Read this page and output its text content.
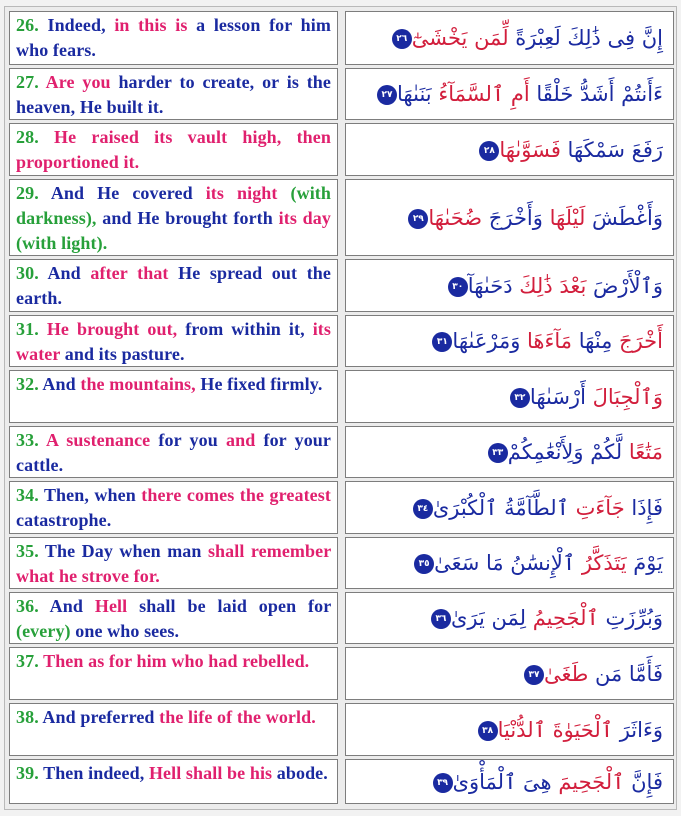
26. Indeed, in this is a lesson for him who fears.	إِنَّ فِى ذَٰلِكَ لَعِبْرَةً لِّمَن يَخْشَىٰٓ٢٦

27. Are you harder to create, or is the heaven, He built it.

ءَأَنتُمْ أَشَدُّ خَلْقًا أَمِ ٱلسَّمَآءُ بَنَىٰهَا٢٧

28. He raised its vault high, then proportioned it.

رَفَعَ سَمْكَهَا فَسَوَّىٰهَا٢٨

29. And He covered its night (with darkness), and He brought forth its day (with light).

وَأَغْطَشَ لَيْلَهَا وَأَخْرَجَ ضُحَىٰهَا٢٩

30. And after that He spread out the earth.

وَٱلْأَرْضَ بَعْدَ ذَٰلِكَ دَحَىٰهَآ٣٠

31. He brought out, from within it, its water and its pasture.

أَخْرَجَ مِنْهَا مَآءَهَا وَمَرْعَىٰهَا٣١

32. And the mountains, He fixed firmly.

وَٱلْجِبَالَ أَرْسَىٰهَا٣٢

33. A sustenance for you and for your cattle.

مَتَٰعًا لَّكُمْ وَلِأَنْعَٰمِكُمْ٣٣

34. Then, when there comes the greatest catastrophe.

فَإِذَا جَآءَتِ ٱلطَّآمَّةُ ٱلْكُبْرَىٰ٣٤

35. The Day when man shall remember what he strove for.

يَوْمَ يَتَذَكَّرُ ٱلْإِنسَٰنُ مَا سَعَىٰ٣٥

36. And Hell shall be laid open for (every) one who sees.

وَبُرِّزَتِ ٱلْجَحِيمُ لِمَن يَرَىٰ٣٦

37. Then as for him who had rebelled.

فَأَمَّا مَن طَغَىٰ٣٧

38. And preferred the life of the world.

وَءَاثَرَ ٱلْحَيَوٰةَ ٱلدُّنْيَا٣٨

39. Then indeed, Hell shall be his abode.	فَإِنَّ ٱلْجَحِيمَ هِىَ ٱلْمَأْوَىٰ٣٩
